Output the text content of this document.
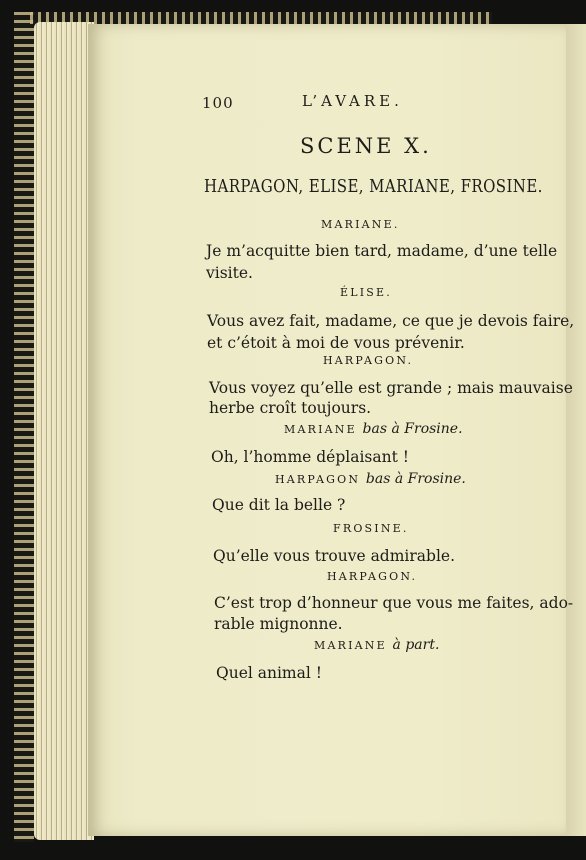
100	L’AVARE.
SCENE X.
HARPAGON, ELISE, MARIANE, FROSINE.
MARIANE.
Je m’acquitte bien tard, madame, d’une telle
visite.
ÉLISE.
Vous avez fait, madame, ce que je devois faire,
et c’étoit à moi de vous prévenir.
HARPAGON.
Vous voyez qu’elle est grande ; mais mauvaise
herbe croît toujours.
MARIANE bas à Frosine.
Oh, l’homme déplaisant !
HARPAGON bas à Frosine.
Que dit la belle ?
FROSINE.
Qu’elle vous trouve admirable.
HARPAGON.
C’est trop d’honneur que vous me faites, ado-
rable mignonne.
MARIANE à part.
Quel animal !
